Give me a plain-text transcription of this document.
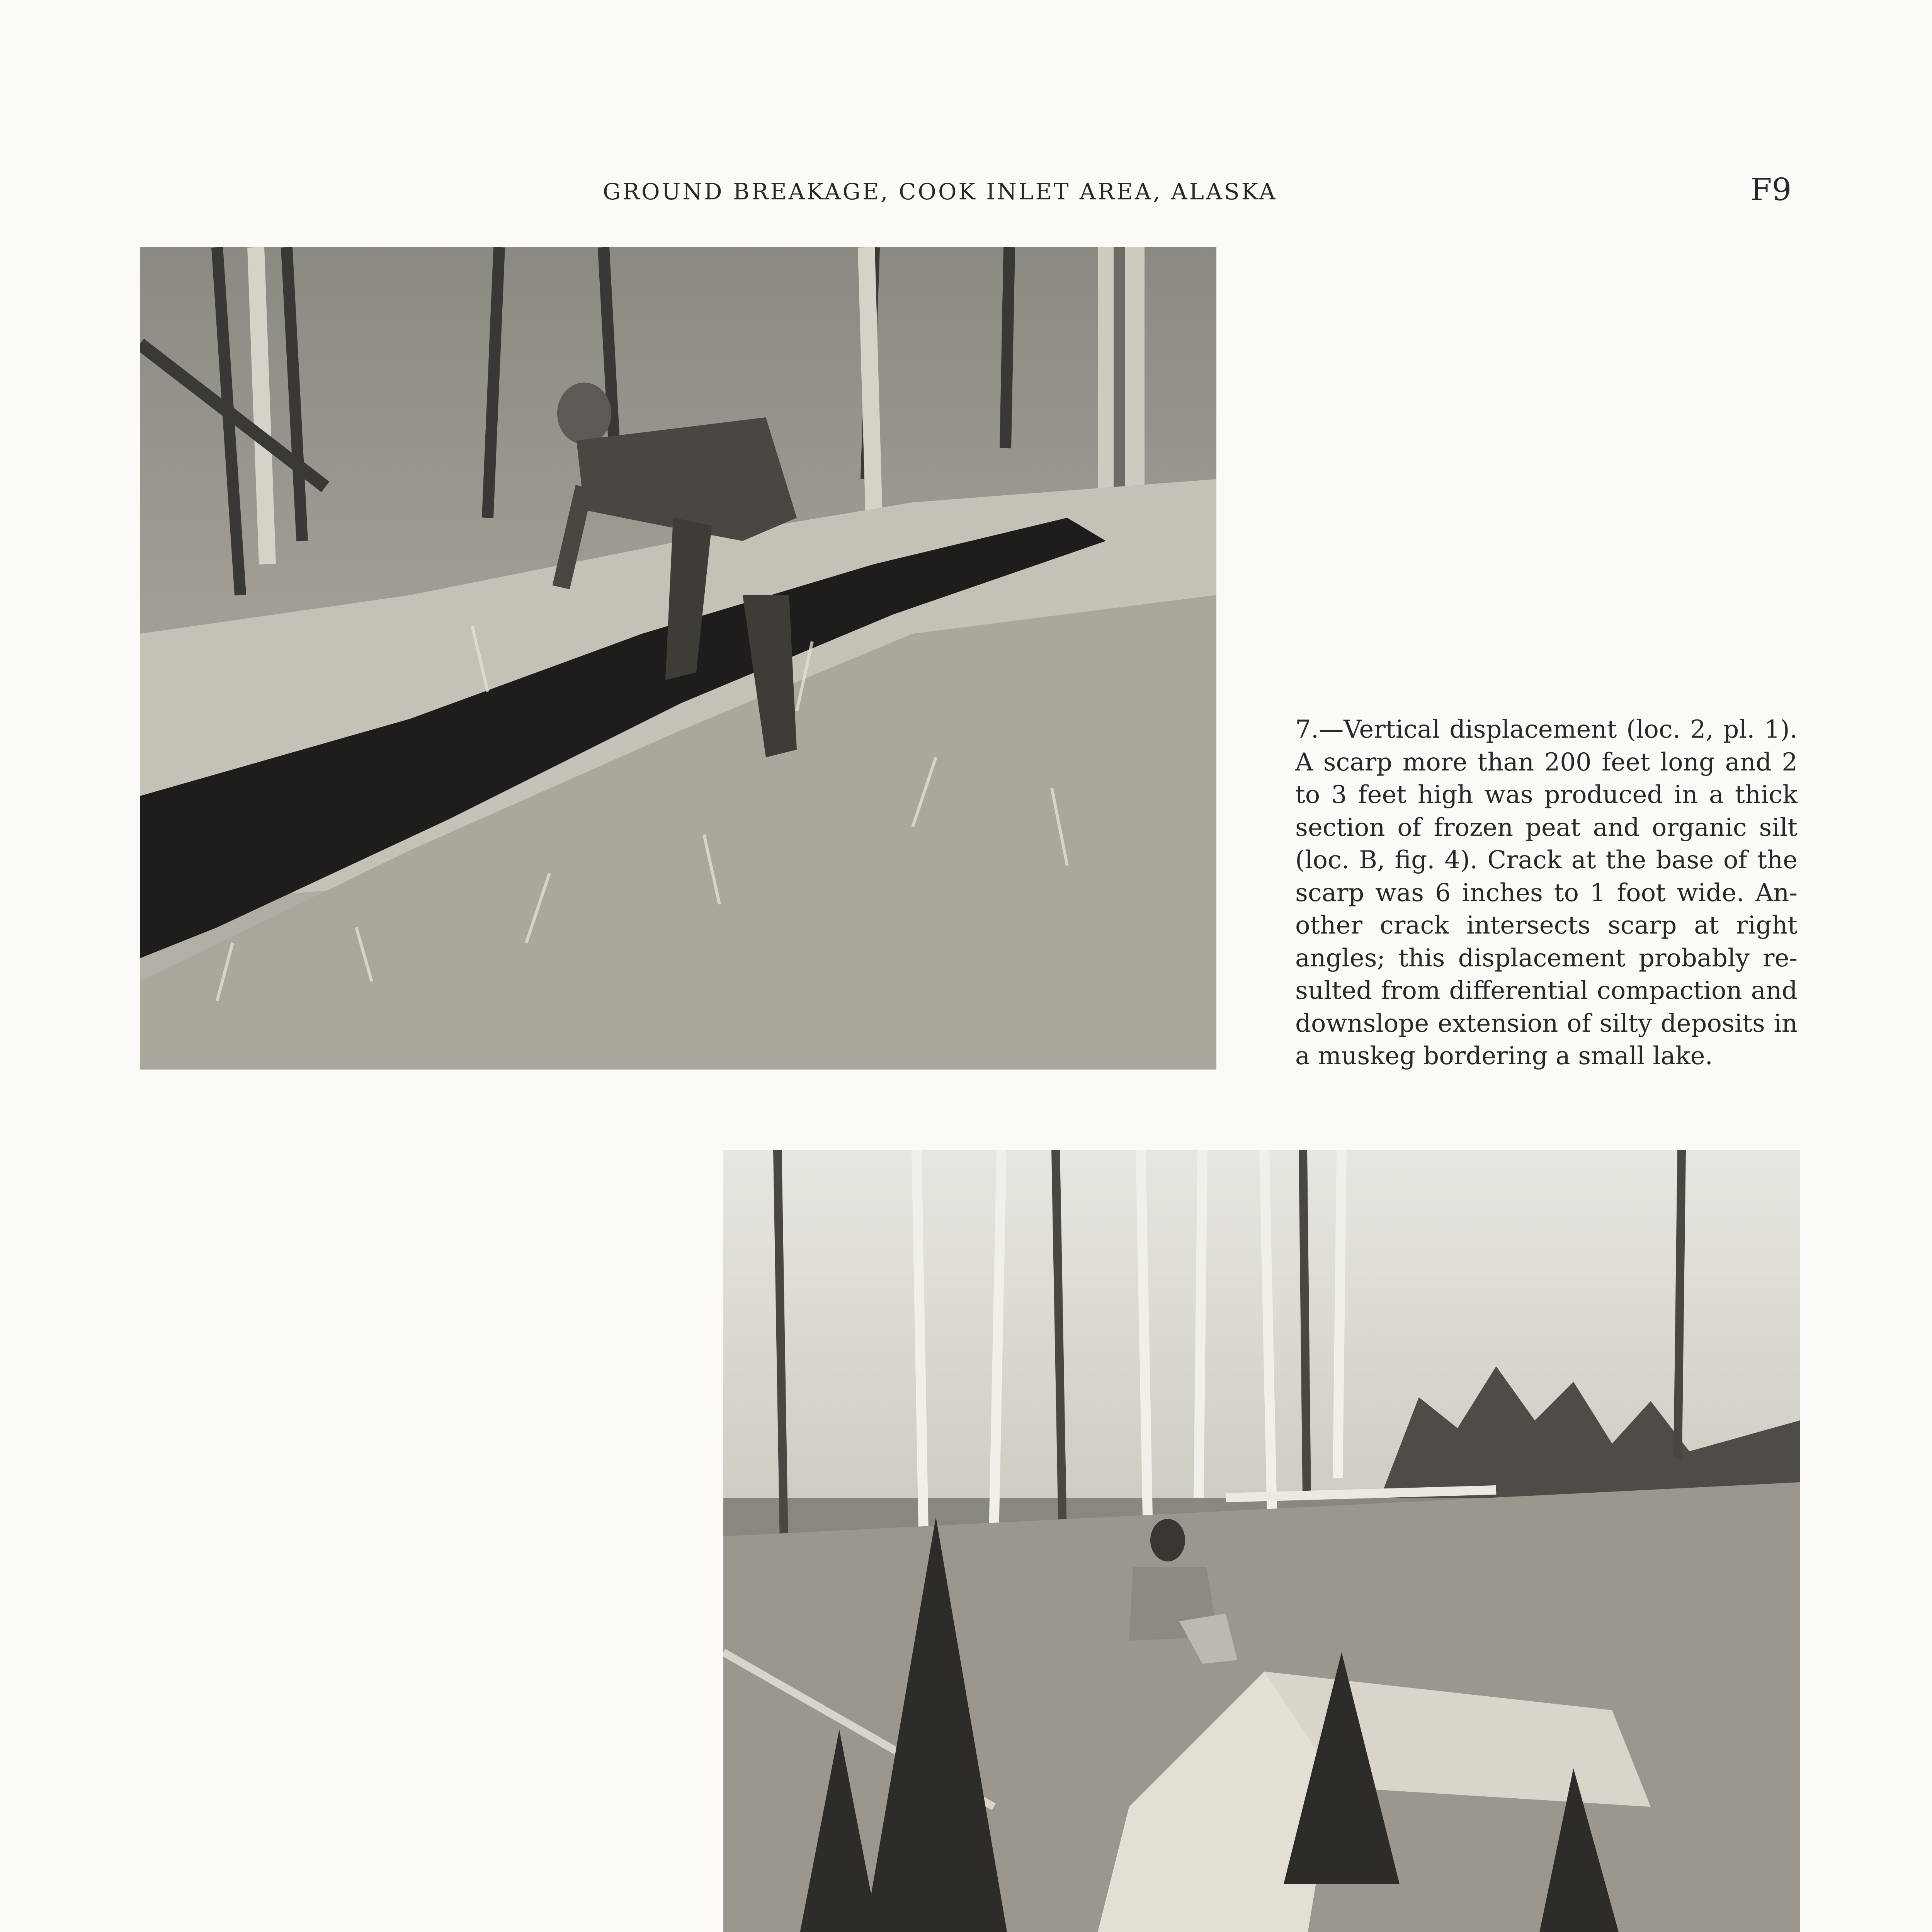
GROUND BREAKAGE, COOK INLET AREA, ALASKA	F9
7.—Vertical displacement (loc. 2, pl. 1).
A scarp more than 200 feet long and 2
to 3 feet high was produced in a thick
section of frozen peat and organic silt
(loc. B, fig. 4). Crack at the base of the
scarp was 6 inches to 1 foot wide. An-
other crack intersects scarp at right
angles; this displacement probably re-
sulted from differential compaction and
downslope extension of silty deposits in
a muskeg bordering a small lake.
